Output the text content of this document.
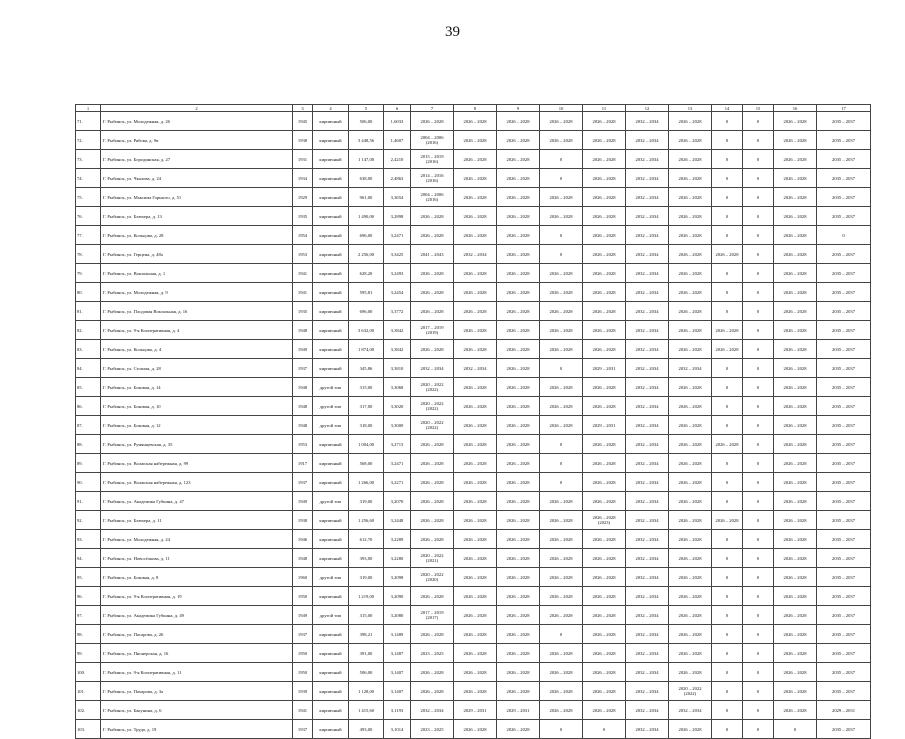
39
1	2	3	4	5	6	7	8	9	10	11	12	13	14	15	16	17
71.	Г. Рыбинск, ул. Молодежная, д. 26	1945	кирпичный	506,00	1,6033	2026 – 2028	2026 – 2028	2026 – 2028	2026 – 2028	2026 – 2028	2032 – 2034	2026 – 2028	0	0	2026 – 2028	2035 – 2037
72.	Г. Рыбинск, ул. Рябова, д. 9в	1938	кирпичный	3 448,56	1,4607	2004 – 2006
(2016)	2026 – 2028	2026 – 2028	2026 – 2028	2026 – 2028	2032 – 2034	2026 – 2028	0	0	2026 – 2028	2035 – 2037
73.	Г. Рыбинск, ул. Бородинская, д. 27	1931	кирпичный	1 147,00	2,4210	2015 – 2019
(2016)	2026 – 2028	2026 – 2028	0	2026 – 2028	2032 – 2034	2026 – 2028	0	0	2026 – 2028	2035 – 2037
74.	Г. Рыбинск, ул. Чкалова, д. 24	1934	кирпичный	638,00	2,4863	2014 – 2016
(2016)	2026 – 2028	2026 – 2028	0	2026 – 2028	2032 – 2034	2026 – 2028	0	0	2026 – 2028	2035 – 2037
75.	Г. Рыбинск, ул. Максима Горького, д. 51	1929	кирпичный	961,00	3,3654	2004 – 2006
(2016)	2026 – 2028	2026 – 2028	2026 – 2028	2026 – 2028	2032 – 2034	2026 – 2028	0	0	2026 – 2028	2035 – 2037
76.	Г. Рыбинск, ул. Блюхера, д. 13	1935	кирпичный	1 490,00	3,2898	2026 – 2028	2026 – 2028	2026 – 2028	2026 – 2028	2026 – 2028	2032 – 2034	2026 – 2028	0	0	2026 – 2028	2035 – 2037
77.	Г. Рыбинск, ул. Кольцова, д. 28	1954	кирпичный	696,00	3,2471	2026 – 2028	2026 – 2028	2026 – 2028	0	2026 – 2028	2032 – 2034	2026 – 2028	0	0	2026 – 2028	0
78.	Г. Рыбинск, ул. Герцена, д. 48а	1953	кирпичный	2 256,00	3,3425	2041 – 2043	2032 – 2034	2026 – 2028	0	2026 – 2028	2032 – 2034	2026 – 2028	2026 – 2028	0	2026 – 2028	2035 – 2037
79.	Г. Рыбинск, ул. Вокзальная, д. 1	1941	кирпичный	628,20	3,2493	2026 – 2028	2026 – 2028	2026 – 2028	2026 – 2028	2026 – 2028	2032 – 2034	2026 – 2028	0	0	2026 – 2028	2035 – 2037
80.	Г. Рыбинск, ул. Молодежная, д. 9	1941	кирпичный	595,81	3,2454	2026 – 2028	2026 – 2028	2026 – 2028	2026 – 2028	2026 – 2028	2032 – 2034	2026 – 2028	0	0	2026 – 2028	2035 – 2037
81.	Г. Рыбинск, ул. Плодовая Вокзальная, д. 16	1935	кирпичный	696,00	3,3772	2026 – 2028	2026 – 2028	2026 – 2028	2026 – 2028	2026 – 2028	2032 – 2034	2026 – 2028	0	0	2026 – 2028	2035 – 2037
82.	Г. Рыбинск, ул. 9-я Кооперативная, д. 4	1948	кирпичный	3 632,00	3,3842	2017 – 2019
(2019)	2026 – 2028	2026 – 2028	2026 – 2028	2026 – 2028	2032 – 2034	2026 – 2028	2026 – 2028	0	2026 – 2028	2035 – 2037
83.	Г. Рыбинск, ул. Кольцова, д. 4	1949	кирпичный	1 874,00	3,3842	2026 – 2028	2026 – 2028	2026 – 2028	2026 – 2028	2026 – 2028	2032 – 2034	2026 – 2028	2026 – 2028	0	2026 – 2028	2035 – 2037
84.	Г. Рыбинск, ул. Стоялая, д. 28	1937	кирпичный	345,86	3,3810	2032 – 2034	2032 – 2034	2026 – 2028	0	2029 – 2031	2032 – 2034	2032 – 2034	0	0	2026 – 2028	2035 – 2037
85.	Г. Рыбинск, ул. Боковая, д. 14	1948	другой тип	315,00	3,3068	2020 – 2022
(2022)	2026 – 2028	2026 – 2028	2026 – 2028	2026 – 2028	2032 – 2034	2026 – 2028	0	0	2026 – 2028	2035 – 2037
86.	Г. Рыбинск, ул. Боковая, д. 10	1948	другой тип	317,00	3,3020	2020 – 2022
(2022)	2026 – 2028	2026 – 2028	2026 – 2028	2026 – 2028	2032 – 2034	2026 – 2028	0	0	2026 – 2028	2035 – 2037
87.	Г. Рыбинск, ул. Боковая, д. 12	1948	другой тип	318,00	3,3000	2020 – 2022
(2022)	2026 – 2028	2026 – 2028	2026 – 2028	2029 – 2031	2032 – 2034	2026 – 2028	0	0	2026 – 2028	2035 – 2037
88.	Г. Рыбинск, ул. Румянцевская, д. 35	1953	кирпичный	1 004,00	3,2713	2026 – 2028	2026 – 2028	2026 – 2028	0	2026 – 2028	2032 – 2034	2026 – 2028	2026 – 2028	0	2026 – 2028	2035 – 2037
89.	Г. Рыбинск, ул. Волжская набережная, д. 99	1917	кирпичный	568,00	3,2471	2026 – 2028	2026 – 2028	2026 – 2028	0	2026 – 2028	2032 – 2034	2026 – 2028	0	0	2026 – 2028	2035 – 2037
90.	Г. Рыбинск, ул. Волжская набережная, д. 123	1937	кирпичный	1 266,00	3,2271	2026 – 2028	2026 – 2028	2026 – 2028	0	2026 – 2028	2032 – 2034	2026 – 2028	0	0	2026 – 2028	2035 – 2037
91.	Г. Рыбинск, ул. Академика Губкина, д. 47	1949	другой тип	319,00	3,2070	2026 – 2028	2026 – 2028	2026 – 2028	2026 – 2028	2026 – 2028	2032 – 2034	2026 – 2028	0	0	2026 – 2028	2035 – 2037
92.	Г. Рыбинск, ул. Блюхера, д. 11	1938	кирпичный	1 256,60	3,2448	2026 – 2028	2026 – 2028	2026 – 2028	2026 – 2028	2026 – 2028
(2023)	2032 – 2034	2026 – 2028	2026 – 2028	0	2026 – 2028	2035 – 2037
93.	Г. Рыбинск, ул. Молодежная, д. 24	1946	кирпичный	612,70	3,2289	2026 – 2028	2026 – 2028	2026 – 2028	2026 – 2028	2026 – 2028	2032 – 2034	2026 – 2028	0	0	2026 – 2028	2035 – 2037
94.	Г. Рыбинск, ул. Новосёлкова, д. 11	1948	кирпичный	393,00	3,2280	2020 – 2022
(2021)	2026 – 2028	2026 – 2028	2026 – 2028	2026 – 2028	2032 – 2034	2026 – 2028	0	0	2026 – 2028	2035 – 2037
95.	Г. Рыбинск, ул. Боковая, д. 8	1960	другой тип	319,00	3,2098	2020 – 2022
(2020)	2026 – 2028	2026 – 2028	2026 – 2028	2026 – 2028	2032 – 2034	2026 – 2028	0	0	2026 – 2028	2035 – 2037
96.	Г. Рыбинск, ул. 9-я Кооперативная, д. 19	1950	кирпичный	1 219,00	3,2090	2026 – 2028	2026 – 2028	2026 – 2028	2026 – 2028	2026 – 2028	2032 – 2034	2026 – 2028	0	0	2026 – 2028	2035 – 2037
97.	Г. Рыбинск, ул. Академика Губкина, д. 49	1949	другой тип	315,00	3,2080	2017 – 2019
(2017)	2026 – 2028	2026 – 2028	2026 – 2028	2026 – 2028	2032 – 2034	2026 – 2028	0	0	2026 – 2028	2035 – 2037
98.	Г. Рыбинск, ул. Пасарова, д. 26	1937	кирпичный	398,21	3,1489	2026 – 2028	2026 – 2028	2026 – 2028	0	2026 – 2028	2032 – 2034	2026 – 2028	0	0	2026 – 2028	2035 – 2037
99.	Г. Рыбинск, ул. Пионерская, д. 16	1950	кирпичный	391,00	3,1487	2023 – 2025	2026 – 2028	2026 – 2028	2026 – 2028	2026 – 2028	2032 – 2034	2026 – 2028	0	0	2026 – 2028	2035 – 2037
100.	Г. Рыбинск, ул. 9-я Кооперативная, д. 11	1950	кирпичный	506,00	3,1407	2026 – 2028	2026 – 2028	2026 – 2028	2026 – 2028	2026 – 2028	2032 – 2034	2026 – 2028	0	0	2026 – 2028	2035 – 2037
101.	Г. Рыбинск, ул. Пахарова, д. 3а	1939	кирпичный	1 128,00	3,1407	2026 – 2028	2026 – 2028	2026 – 2028	2026 – 2028	2026 – 2028	2032 – 2034	2020 – 2022
(2022)	0	0	2026 – 2028	2035 – 2037
102.	Г. Рыбинск, ул. Бакунина, д. 6	1941	кирпичный	1 415,60	3,1193	2032 – 2034	2029 – 2031	2029 – 2031	2026 – 2028	2026 – 2028	2032 – 2034	2032 – 2034	0	0	2026 – 2028	2029 – 2031
103.	Г. Рыбинск, ул. Труда, д. 19	1937	кирпичный	493,00	3,1014	2023 – 2025	2026 – 2028	2026 – 2028	0	0	2032 – 2034	2026 – 2028	0	0	0	2035 – 2037
